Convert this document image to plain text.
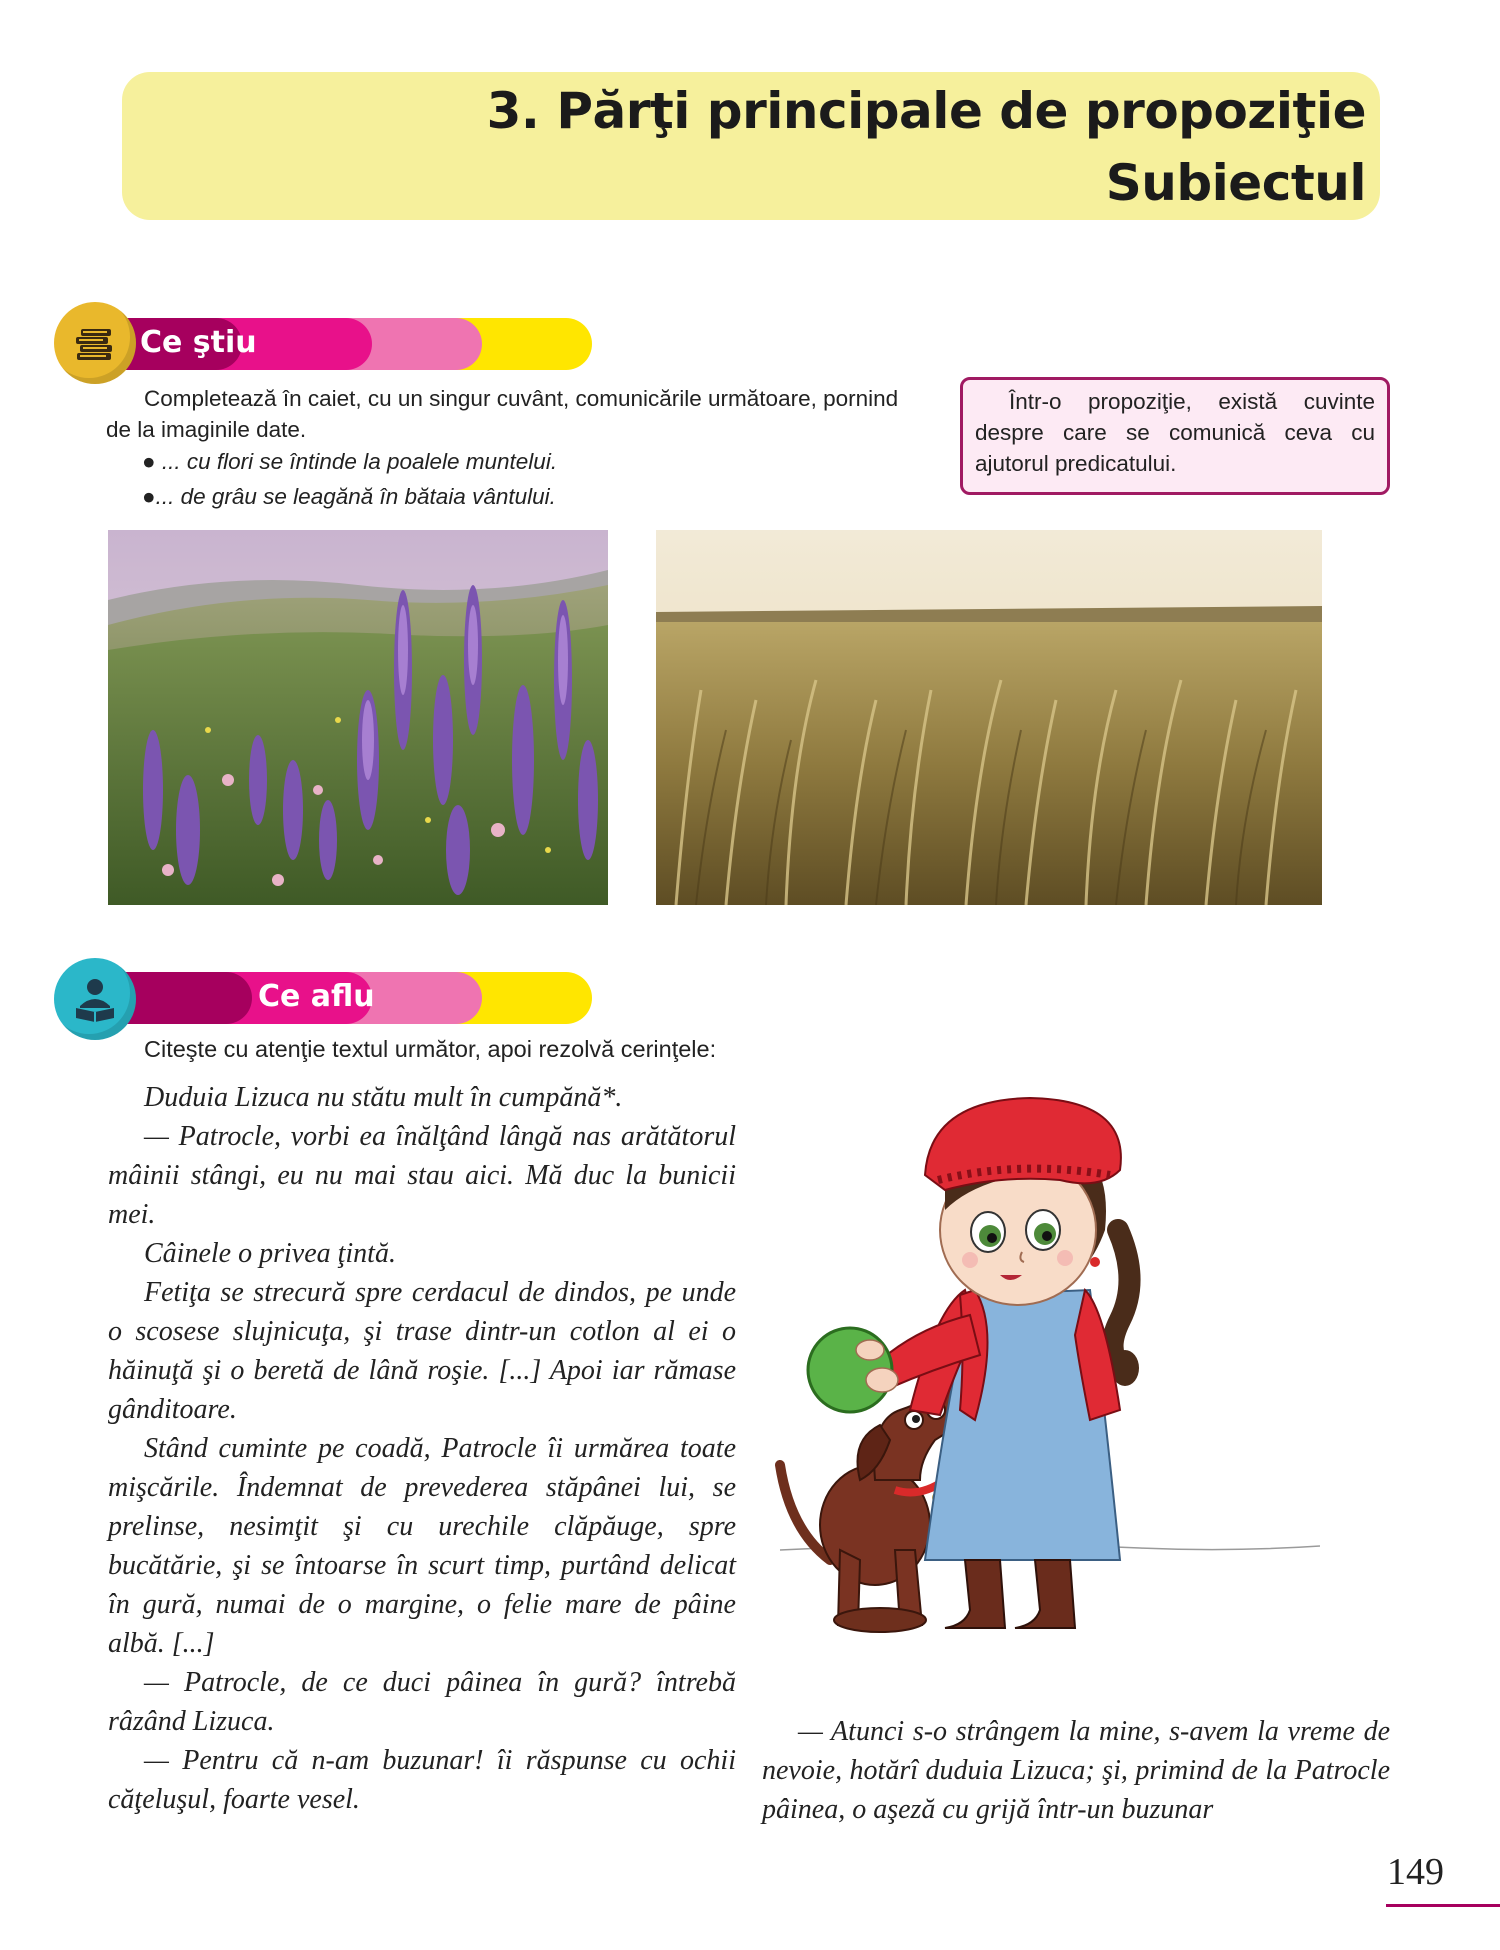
3. Părţi principale de propoziţie
Subiectul
Ce ştiu
Completează în caiet, cu un singur cuvânt, comunicările următoare, pornind de la imaginile date.
● ... cu flori se întinde la poalele muntelui.
●... de grâu se leagănă în bătaia vântului.

Într-o propoziţie, există cuvinte despre care se comunică ceva cu ajutorul predicatului.

Ce aflu
Citeşte cu atenţie textul următor, apoi rezolvă cerinţele:

Duduia Lizuca nu stătu mult în cumpănă*.

— Patrocle, vorbi ea înălţând lângă nas arătătorul mâinii stângi, eu nu mai stau aici. Mă duc la bunicii mei.

Câinele o privea ţintă.

Fetiţa se strecură spre cerdacul de dindos, pe unde o scosese slujnicuţa, şi trase dintr-un cotlon al ei o hăinuţă şi o beretă de lână roşie. [...] Apoi iar rămase gânditoare.

Stând cuminte pe coadă, Patrocle îi urmărea toate mişcările. Îndemnat de prevederea stăpânei lui, se prelinse, nesimţit şi cu urechile clăpăuge, spre bucătărie, şi se întoarse în scurt timp, purtând delicat în gură, numai de o margine, o felie mare de pâine albă. [...]

— Patrocle, de ce duci pâinea în gură? întrebă râzând Lizuca.

— Pentru că n-am buzunar! îi răspunse cu ochii căţeluşul, foarte vesel.

— Atunci s-o strângem la mine, s-avem la vreme de nevoie, hotărî duduia Lizuca; şi, primind de la Patrocle pâinea, o aşeză cu grijă într-un buzunar

149
